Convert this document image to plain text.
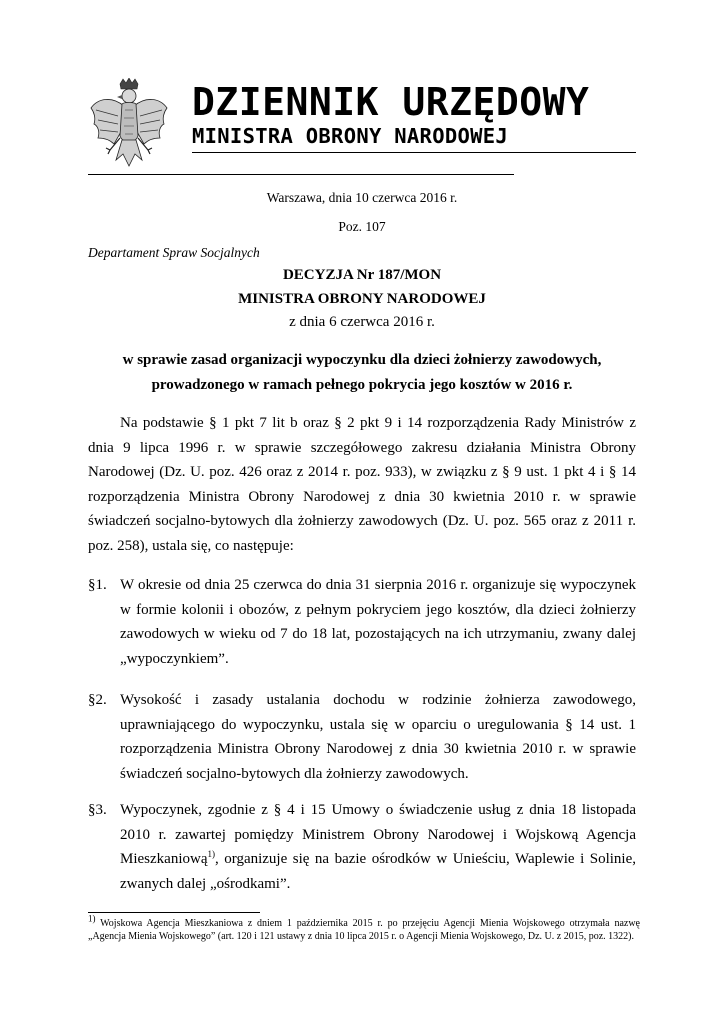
DZIENNIK URZĘDOWY
MINISTRA OBRONY NARODOWEJ
Warszawa, dnia 10 czerwca 2016 r.
Poz. 107
Departament Spraw Socjalnych
DECYZJA Nr 187/MON
MINISTRA OBRONY NARODOWEJ
z dnia 6 czerwca 2016 r.
w sprawie zasad organizacji wypoczynku dla dzieci żołnierzy zawodowych,
prowadzonego w ramach pełnego pokrycia jego kosztów w 2016 r.
Na podstawie § 1 pkt 7 lit b oraz § 2 pkt 9 i 14 rozporządzenia Rady Ministrów z dnia 9 lipca 1996 r. w sprawie szczegółowego zakresu działania Ministra Obrony Narodowej (Dz. U. poz. 426 oraz z 2014 r. poz. 933), w związku z § 9 ust. 1 pkt 4 i § 14 rozporządzenia Ministra Obrony Narodowej z dnia 30 kwietnia 2010 r. w sprawie świadczeń socjalno-bytowych dla żołnierzy zawodowych (Dz. U. poz. 565 oraz z 2011 r. poz. 258), ustala się, co następuje:
§1. W okresie od dnia 25 czerwca do dnia 31 sierpnia 2016 r. organizuje się wypoczynek w formie kolonii i obozów, z pełnym pokryciem jego kosztów, dla dzieci żołnierzy zawodowych w wieku od 7 do 18 lat, pozostających na ich utrzymaniu, zwany dalej „wypoczynkiem”.
§2. Wysokość i zasady ustalania dochodu w rodzinie żołnierza zawodowego, uprawniającego do wypoczynku, ustala się w oparciu o uregulowania § 14 ust. 1 rozporządzenia Ministra Obrony Narodowej z dnia 30 kwietnia 2010 r. w sprawie świadczeń socjalno-bytowych dla żołnierzy zawodowych.
§3. Wypoczynek, zgodnie z § 4 i 15 Umowy o świadczenie usług z dnia 18 listopada 2010 r. zawartej pomiędzy Ministrem Obrony Narodowej i Wojskową Agencja Mieszkaniową$^{1)}$, organizuje się na bazie ośrodków w Unieściu, Waplewie i Solinie, zwanych dalej „ośrodkami”.
$^{1)}$ Wojskowa Agencja Mieszkaniowa z dniem 1 października 2015 r. po przejęciu Agencji Mienia Wojskowego otrzymała nazwę „Agencja Mienia Wojskowego” (art. 120 i 121 ustawy z dnia 10 lipca 2015 r. o Agencji Mienia Wojskowego, Dz. U. z 2015, poz. 1322).
